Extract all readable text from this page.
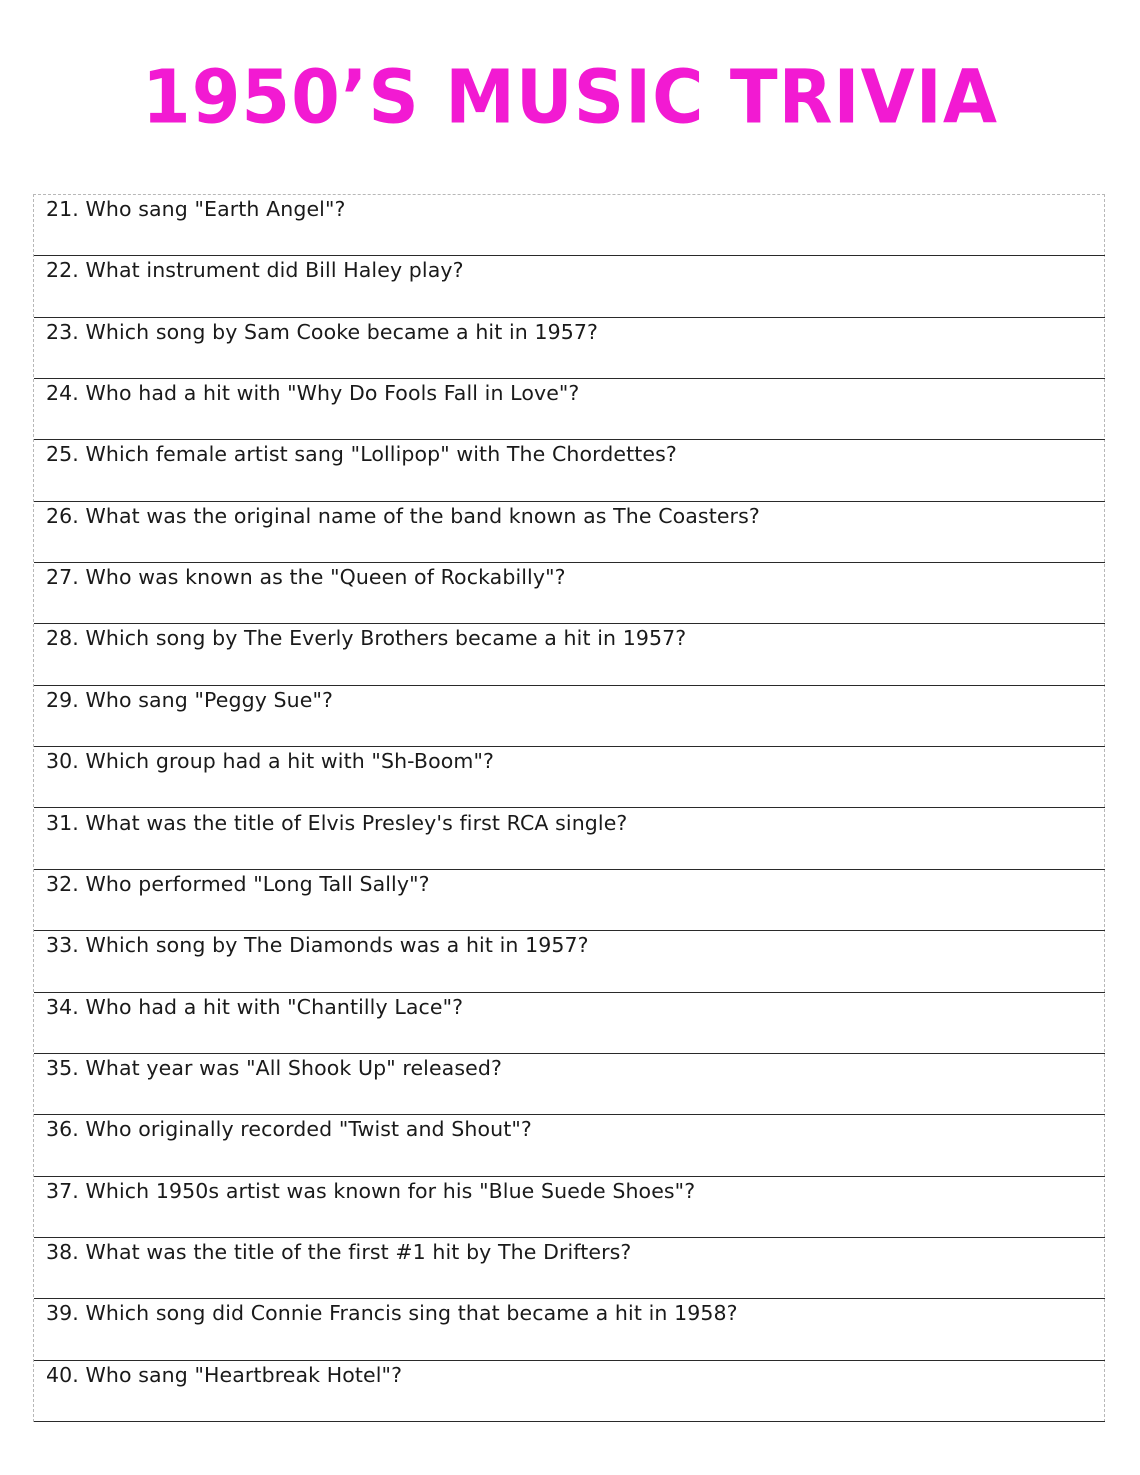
1950’S MUSIC TRIVIA
21. Who sang "Earth Angel"?
22. What instrument did Bill Haley play?
23. Which song by Sam Cooke became a hit in 1957?
24. Who had a hit with "Why Do Fools Fall in Love"?
25. Which female artist sang "Lollipop" with The Chordettes?
26. What was the original name of the band known as The Coasters?
27. Who was known as the "Queen of Rockabilly"?
28. Which song by The Everly Brothers became a hit in 1957?
29. Who sang "Peggy Sue"?
30. Which group had a hit with "Sh-Boom"?
31. What was the title of Elvis Presley's first RCA single?
32. Who performed "Long Tall Sally"?
33. Which song by The Diamonds was a hit in 1957?
34. Who had a hit with "Chantilly Lace"?
35. What year was "All Shook Up" released?
36. Who originally recorded "Twist and Shout"?
37. Which 1950s artist was known for his "Blue Suede Shoes"?
38. What was the title of the first #1 hit by The Drifters?
39. Which song did Connie Francis sing that became a hit in 1958?
40. Who sang "Heartbreak Hotel"?
